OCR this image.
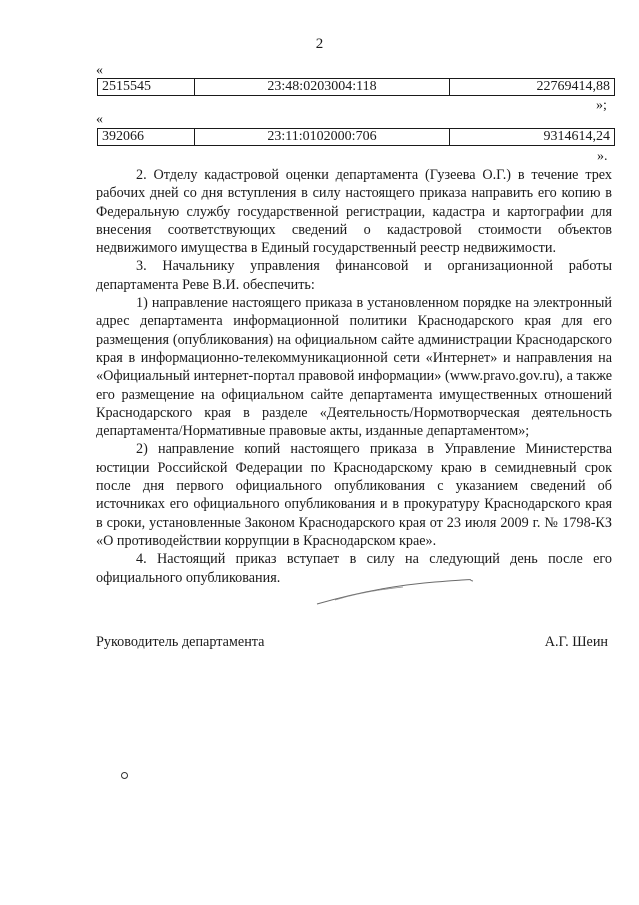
2
«
2515545	23:48:0203004:118	22769414,88
»;
«
392066	23:11:0102000:706	9314614,24
».

2. Отделу кадастровой оценки департамента (Гузеева О.Г.) в течение трех рабочих дней со дня вступления в силу настоящего приказа направить его копию в Федеральную службу государственной регистрации, кадастра и картографии для внесения соответствующих сведений о кадастровой стоимости объектов недвижимого имущества в Единый государственный реестр недвижимости.

3. Начальнику управления финансовой и организационной работы департамента Реве В.И. обеспечить:

1) направление настоящего приказа в установленном порядке на электронный адрес департамента информационной политики Краснодарского края для его размещения (опубликования) на официальном сайте администрации Краснодарского края в информационно-телекоммуникационной сети «Интернет» и направления на «Официальный интернет-портал правовой информации» (www.pravo.gov.ru), а также его размещение на официальном сайте департамента имущественных отношений Краснодарского края в разделе «Деятельность/Нормотворческая деятельность департамента/Нормативные правовые акты, изданные департаментом»;

2) направление копий настоящего приказа в Управление Министерства юстиции Российской Федерации по Краснодарскому краю в семидневный срок после дня первого официального опубликования с указанием сведений об источниках его официального опубликования и в прокуратуру Краснодарского края в сроки, установленные Законом Краснодарского края от 23 июля 2009 г. № 1798-КЗ «О противодействии коррупции в Краснодарском крае».

4. Настоящий приказ вступает в силу на следующий день после его официального опубликования.

Руководитель департамента	А.Г. Шеин
